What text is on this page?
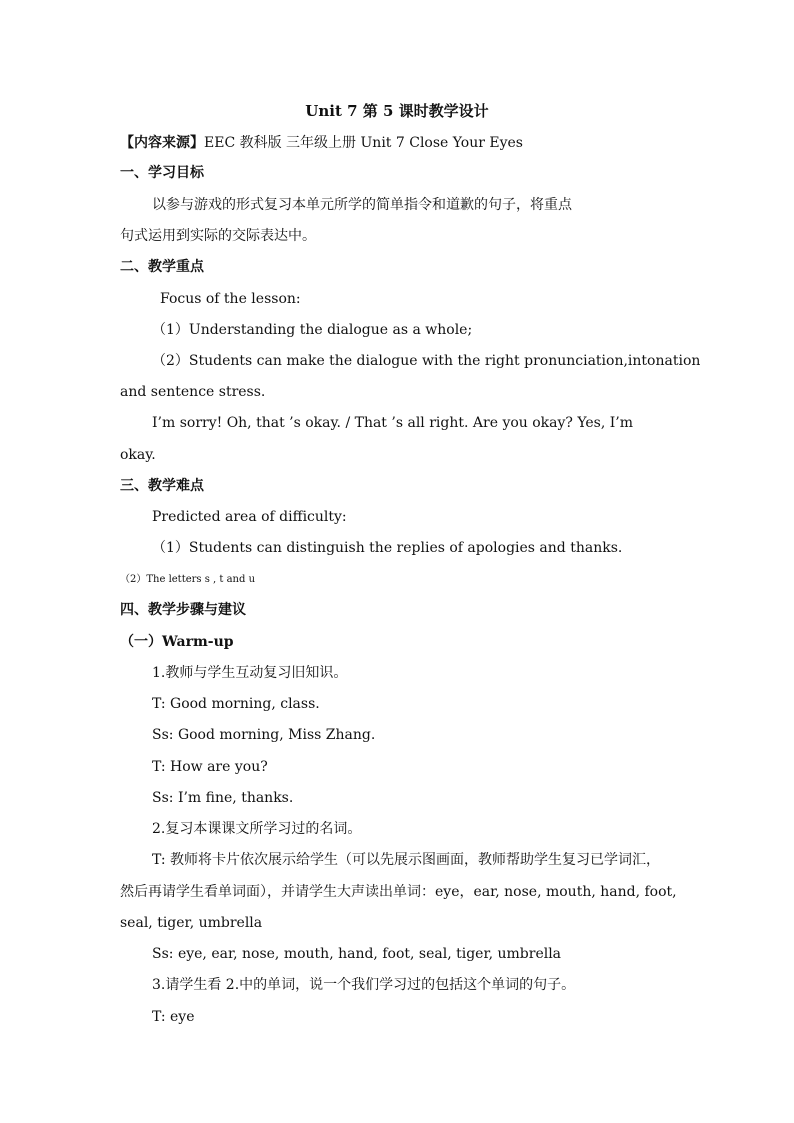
Unit 7 第 5 课时教学设计
【内容来源】EEC 教科版 三年级上册 Unit 7 Close Your Eyes
一、学习目标
以参与游戏的形式复习本单元所学的简单指令和道歉的句子，将重点
句式运用到实际的交际表达中。
二、教学重点
Focus of the lesson:
（1）Understanding the dialogue as a whole;
（2） Students can make the dialogue with the right pronunciation, intonation
and sentence stress.
I’m sorry! Oh, that ’s okay. / That ’s all right. Are you okay? Yes, I’m
okay.
三、教学难点
Predicted area of difficulty:
（1）Students can distinguish the replies of apologies and thanks.
（2）The letters s , t and u
四、教学步骤与建议
（一）Warm-up
1.教师与学生互动复习旧知识。
T: Good morning, class.
Ss: Good morning, Miss Zhang.
T: How are you?
Ss: I’m fine, thanks.
2.复习本课课文所学习过的名词。
T: 教师将卡片依次展示给学生（可以先展示图画面，教师帮助学生复习已学词汇，
然后再请学生看单词面），并请学生大声读出单词：eye，ear, nose, mouth, hand, foot,
seal, tiger, umbrella
Ss: eye, ear, nose, mouth, hand, foot, seal, tiger, umbrella
3.请学生看 2.中的单词，说一个我们学习过的包括这个单词的句子。
T: eye
